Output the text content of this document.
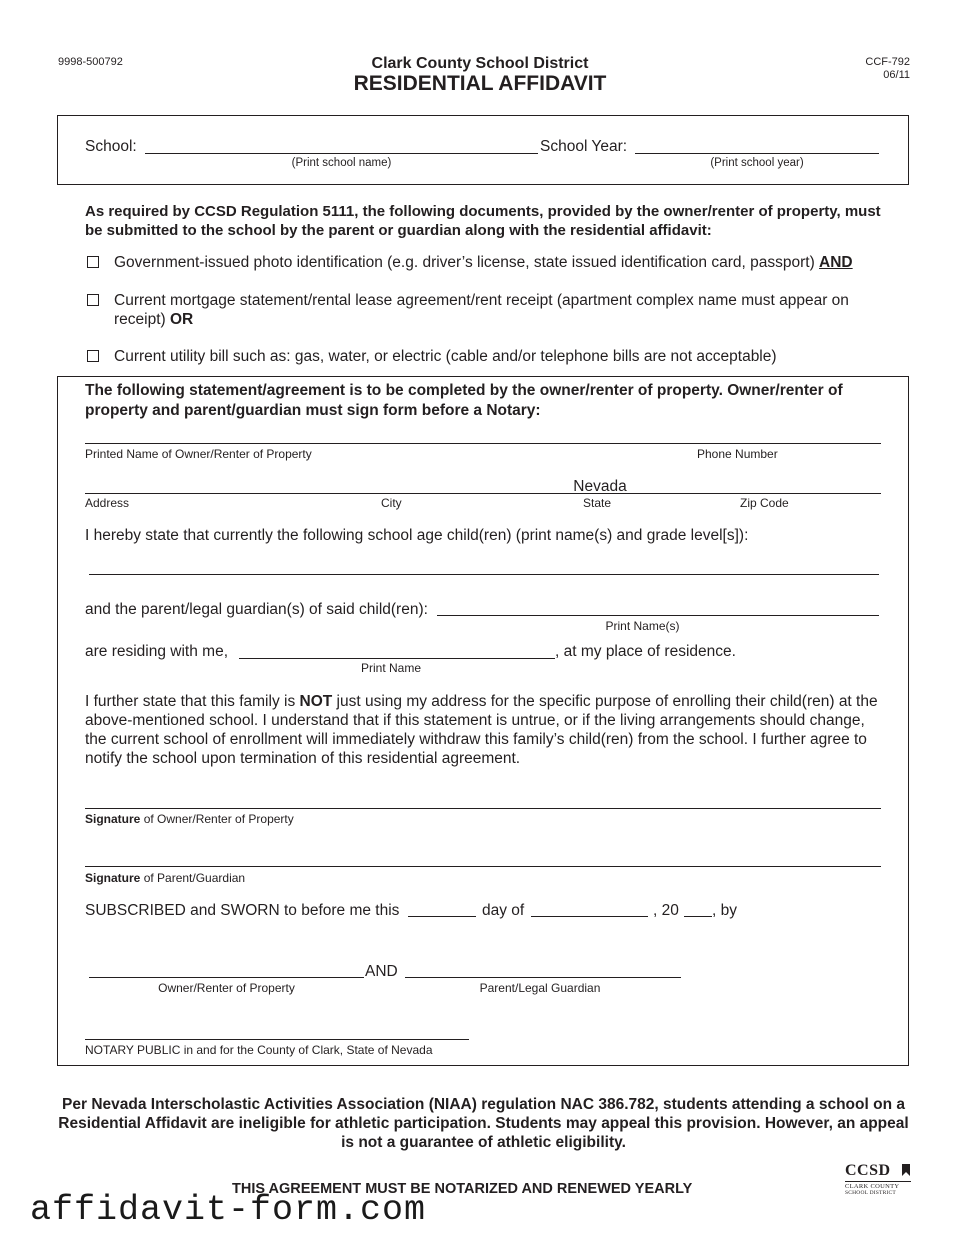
9998-500792	Clark County School District
RESIDENTIAL AFFIDAVIT
CCF-792
06/11
School:
(Print school name)
School Year:
(Print school year)
As required by CCSD Regulation 5111, the following documents, provided by the owner/renter of property, must be submitted to the school by the parent or guardian along with the residential affidavit:
Government-issued photo identification (e.g. driver’s license, state issued identification card, passport) AND
Current mortgage statement/rental lease agreement/rent receipt (apartment complex name must appear on receipt) OR
Current utility bill such as: gas, water, or electric (cable and/or telephone bills are not acceptable)
The following statement/agreement is to be completed by the owner/renter of property. Owner/renter of property and parent/guardian must sign form before a Notary:
Printed Name of Owner/Renter of Property	Phone Number
Nevada
Address	City	State	Zip Code
I hereby state that currently the following school age child(ren) (print name(s) and grade level[s]):
and the parent/legal guardian(s) of said child(ren):
Print Name(s)
are residing with me,	, at my place of residence.
Print Name
I further state that this family is NOT just using my address for the specific purpose of enrolling their child(ren) at the above-mentioned school. I understand that if this statement is untrue, or if the living arrangements should change, the current school of enrollment will immediately withdraw this family’s child(ren) from the school. I further agree to notify the school upon termination of this residential agreement.
Signature of Owner/Renter of Property
Signature of Parent/Guardian
SUBSCRIBED and SWORN to before me this	day of	, 20 , by
AND
Owner/Renter of Property	Parent/Legal Guardian
NOTARY PUBLIC in and for the County of Clark, State of Nevada
Per Nevada Interscholastic Activities Association (NIAA) regulation NAC 386.782, students attending a school on a Residential Affidavit are ineligible for athletic participation. Students may appeal this provision. However, an appeal is not a guarantee of athletic eligibility.
THIS AGREEMENT MUST BE NOTARIZED AND RENEWED YEARLY
CCSD
CLARK COUNTY
SCHOOL DISTRICT
affidavit-form.com
